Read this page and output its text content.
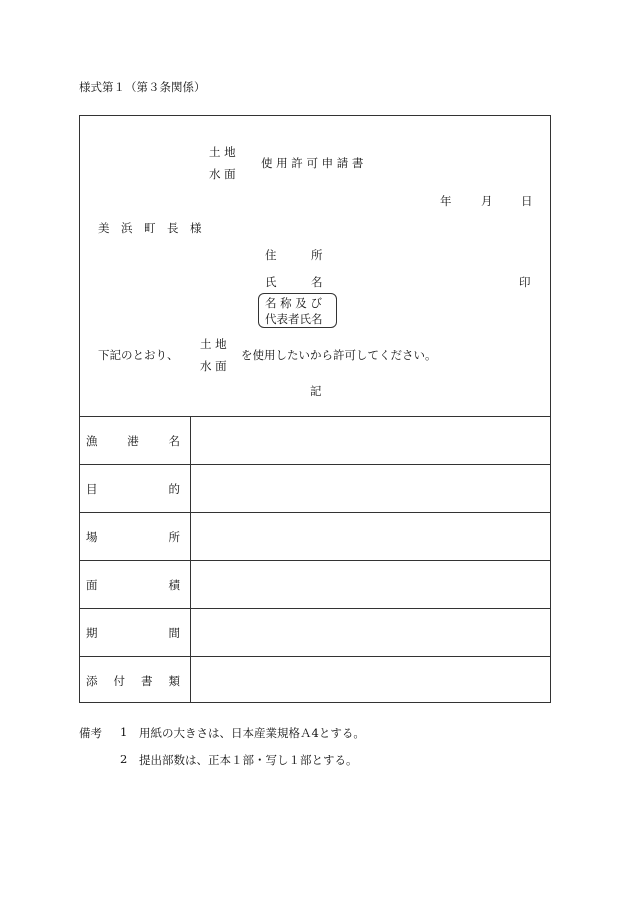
様式第１（第３条関係）
土 地
水 面
使 用 許 可 申 請 書
年	月 日
美　浜　町　長　様
住　　　所
氏　　　名	印
名 称 及 び
代表者氏名
下記のとおり、
土 地
水 面
を使用したいから許可してください。
記
漁	港	名
目	的
場	所
面	積
期	間
添 付 書 類
備考 1 用紙の大きさは、日本産業規格Ａ4とする。
2 提出部数は、正本１部・写し１部とする。
